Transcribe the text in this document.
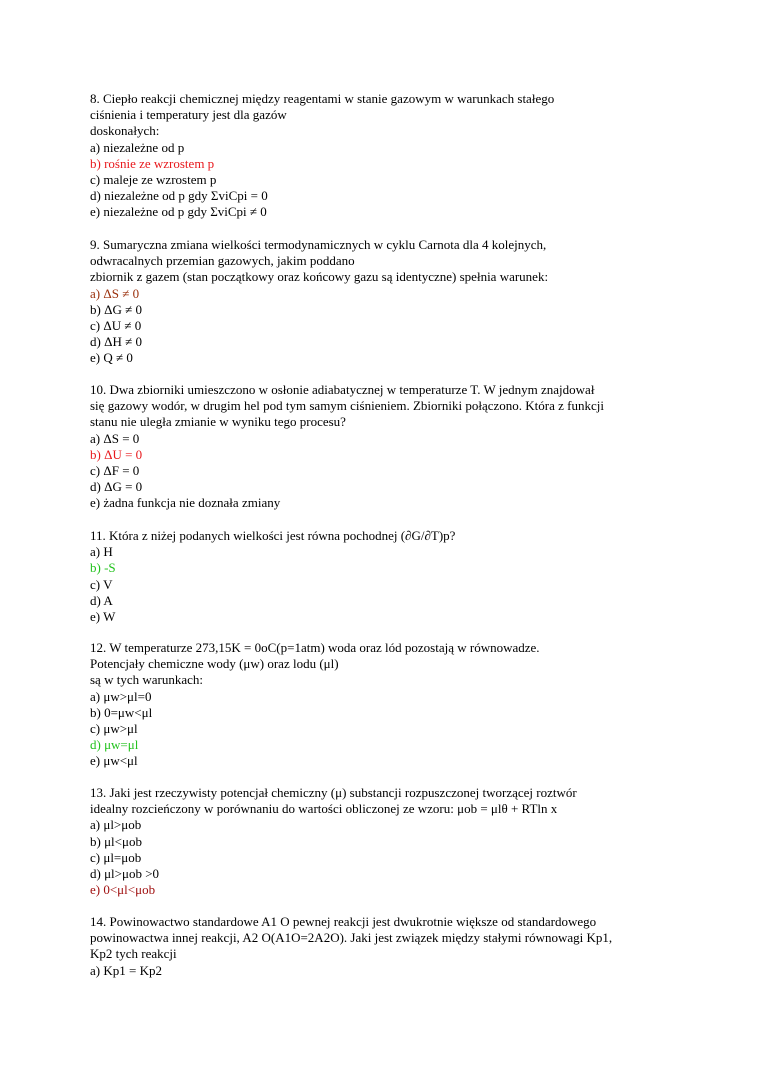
8. Ciepło reakcji chemicznej między reagentami w stanie gazowym w warunkach stałego
ciśnienia i temperatury jest dla gazów
doskonałych:
a) niezależne od p
b) rośnie ze wzrostem p
c) maleje ze wzrostem p
d) niezależne od p gdy ΣviCpi = 0
e) niezależne od p gdy ΣviCpi ≠ 0
9. Sumaryczna zmiana wielkości termodynamicznych w cyklu Carnota dla 4 kolejnych,
odwracalnych przemian gazowych, jakim poddano
zbiornik z gazem (stan początkowy oraz końcowy gazu są identyczne) spełnia warunek:
a) ΔS ≠ 0
b) ΔG ≠ 0
c) ΔU ≠ 0
d) ΔH ≠ 0
e) Q ≠ 0
10. Dwa zbiorniki umieszczono w osłonie adiabatycznej w temperaturze T. W jednym znajdował
się gazowy wodór, w drugim hel pod tym samym ciśnieniem. Zbiorniki połączono. Która z funkcji
stanu nie uległa zmianie w wyniku tego procesu?
a) ΔS = 0
b) ΔU = 0
c) ΔF = 0
d) ΔG = 0
e) żadna funkcja nie doznała zmiany
11. Która z niżej podanych wielkości jest równa pochodnej (∂G/∂T)p?
a) H
b) -S
c) V
d) A
e) W
12. W temperaturze 273,15K = 0oC(p=1atm) woda oraz lód pozostają w równowadze.
Potencjały chemiczne wody (μw) oraz lodu (μl)
są w tych warunkach:
a) μw>μl=0
b) 0=μw<μl
c) μw>μl
d) μw=μl
e) μw<μl
13. Jaki jest rzeczywisty potencjał chemiczny (μ) substancji rozpuszczonej tworzącej roztwór
idealny rozcieńczony w porównaniu do wartości obliczonej ze wzoru: μob = μlθ + RTln x
a) μl>μob
b) μl<μob
c) μl=μob
d) μl>μob >0
e) 0<μl<μob
14. Powinowactwo standardowe A1 O pewnej reakcji jest dwukrotnie większe od standardowego
powinowactwa innej reakcji, A2 O(A1O=2A2O). Jaki jest związek między stałymi równowagi Kp1,
Kp2 tych reakcji
a) Kp1 = Kp2
